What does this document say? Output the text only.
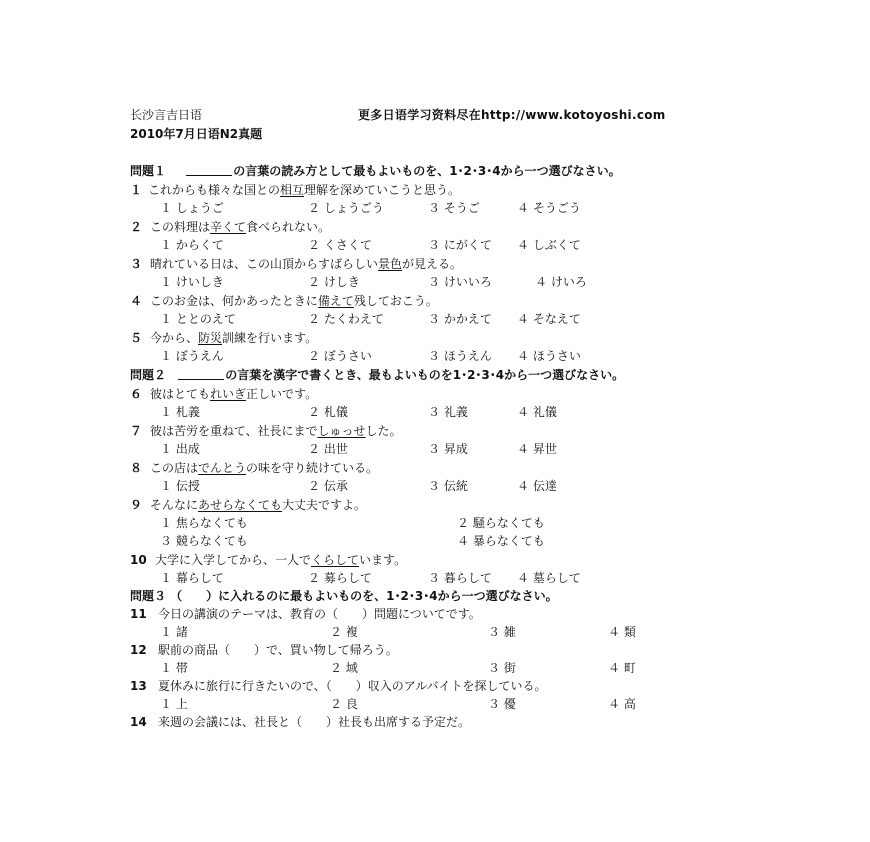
长沙言吉日语	更多日语学习资料尽在http://www.kotoyoshi.com
2010年7月日语N2真题
問題１	の言葉の読み方として最もよいものを、1･2･3･4から一つ選びなさい。
１ これからも様々な国との相互理解を深めていこうと思う。
１ しょうご	２ しょうごう	３ そうご	４ そうごう
２ この料理は辛くて食べられない。
１ からくて	２ くさくて	３ にがくて ４ しぶくて
３ 晴れている日は、この山頂からすばらしい景色が見える。
１ けいしき	２ けしき	３ けいいろ	４ けいろ
４ このお金は、何かあったときに備えて残しておこう。
１ ととのえて	２ たくわえて	３ かかえて ４ そなえて
５ 今から、防災訓練を行います。
１ ぼうえん	２ ぼうさい	３ ほうえん ４ ほうさい
問題２	の言葉を漢字で書くとき、最もよいものを1･2･3･4から一つ選びなさい。
６ 彼はとてもれいぎ正しいです。
１ 札義	２ 札儀	３ 礼義	４ 礼儀
７ 彼は苦労を重ねて、社長にまでしゅっせした。
１ 出成	２ 出世	３ 昇成	４ 昇世
８ この店はでんとうの味を守り続けている。
１ 伝授	２ 伝承	３ 伝統	４ 伝達
９ そんなにあせらなくても大丈夫ですよ。
１ 焦らなくても	２ 騒らなくても
３ 競らなくても	４ 暴らなくても
10 大学に入学してから、一人でくらしています。
１ 幕らして	２ 募らして	３ 暮らして ４ 墓らして
問題３ （　　）に入れるのに最もよいものを、1･2･3･4から一つ選びなさい。
11 今日の講演のテーマは、教育の（　　）問題についてです。
１ 諸	２ 複	３ 雑	４ 類
12 駅前の商品（　　）で、買い物して帰ろう。
１ 帯	２ 域	３ 街	４ 町
13 夏休みに旅行に行きたいので、（　　）収入のアルバイトを探している。
１ 上	２ 良	３ 優	４ 高
14 来週の会議には、社長と（　　）社長も出席する予定だ。
